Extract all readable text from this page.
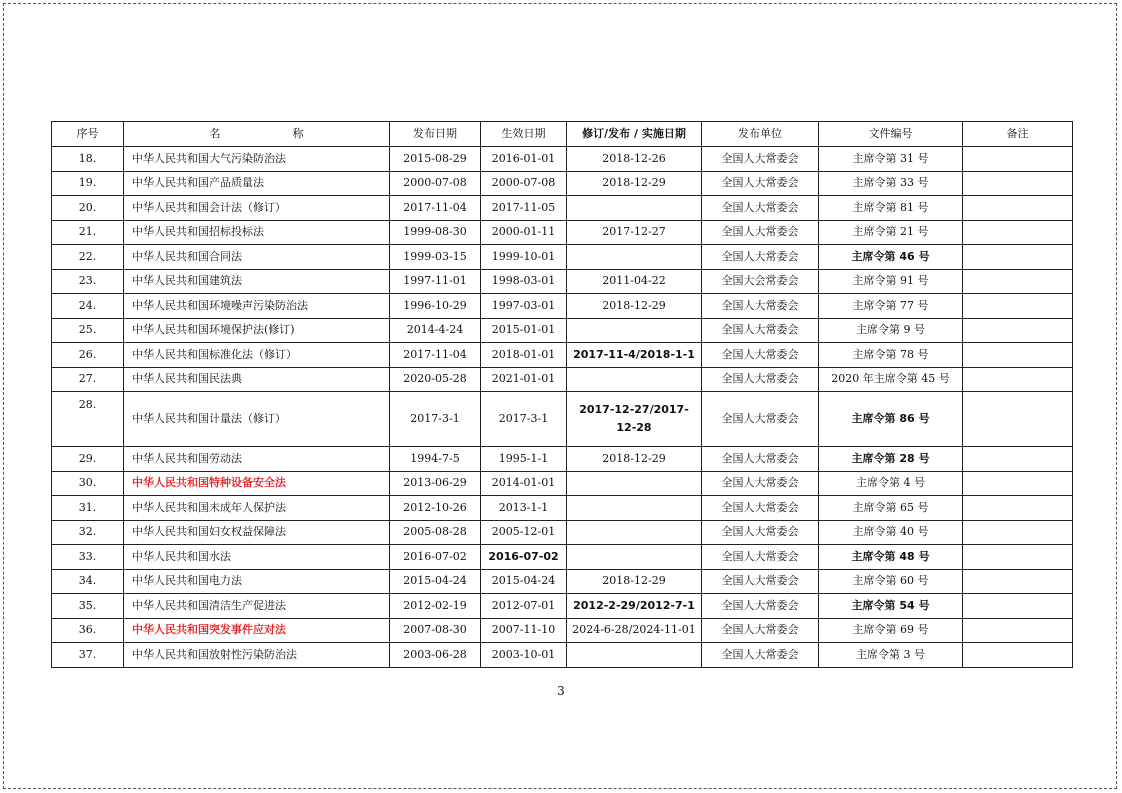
序号	名 称	发布日期	生效日期	修订/发布 / 实施日期	发布单位	文件编号	备注
18.	中华人民共和国大气污染防治法	2015-08-29	2016-01-01	2018-12-26	全国人大常委会	主席令第 31 号	
19.	中华人民共和国产品质量法	2000-07-08	2000-07-08	2018-12-29	全国人大常委会	主席令第 33 号	
20.	中华人民共和国会计法（修订）	2017-11-04	2017-11-05		全国人大常委会	主席令第 81 号	
21.	中华人民共和国招标投标法	1999-08-30	2000-01-11	2017-12-27	全国人大常委会	主席令第 21 号	
22.	中华人民共和国合同法	1999-03-15	1999-10-01		全国人大常委会	主席令第 46 号	
23.	中华人民共和国建筑法	1997-11-01	1998-03-01	2011-04-22	全国大会常委会	主席令第 91 号	
24.	中华人民共和国环境噪声污染防治法	1996-10-29	1997-03-01	2018-12-29	全国人大常委会	主席令第 77 号	
25.	中华人民共和国环境保护法(修订)	2014-4-24	2015-01-01		全国人大常委会	主席令第 9 号	
26.	中华人民共和国标准化法（修订）	2017-11-04	2018-01-01	2017-11-4/2018-1-1	全国人大常委会	主席令第 78 号	
27.	中华人民共和国民法典	2020-05-28	2021-01-01		全国人大常委会	2020 年主席令第 45 号	
28.	中华人民共和国计量法（修订）	2017-3-1	2017-3-1	2017-12-27/2017-12-28	全国人大常委会	主席令第 86 号	
29.	中华人民共和国劳动法	1994-7-5	1995-1-1	2018-12-29	全国人大常委会	主席令第 28 号	
30.	中华人民共和国特种设备安全法	2013-06-29	2014-01-01		全国人大常委会	主席令第 4 号	
31.	中华人民共和国未成年人保护法	2012-10-26	2013-1-1		全国人大常委会	主席令第 65 号	
32.	中华人民共和国妇女权益保障法	2005-08-28	2005-12-01		全国人大常委会	主席令第 40 号	
33.	中华人民共和国水法	2016-07-02	2016-07-02		全国人大常委会	主席令第 48 号	
34.	中华人民共和国电力法	2015-04-24	2015-04-24	2018-12-29	全国人大常委会	主席令第 60 号	
35.	中华人民共和国清洁生产促进法	2012-02-19	2012-07-01	2012-2-29/2012-7-1	全国人大常委会	主席令第 54 号	
36.	中华人民共和国突发事件应对法	2007-08-30	2007-11-10	2024-6-28/2024-11-01	全国人大常委会	主席令第 69 号	
37.	中华人民共和国放射性污染防治法	2003-06-28	2003-10-01		全国人大常委会	主席令第 3 号	
3
